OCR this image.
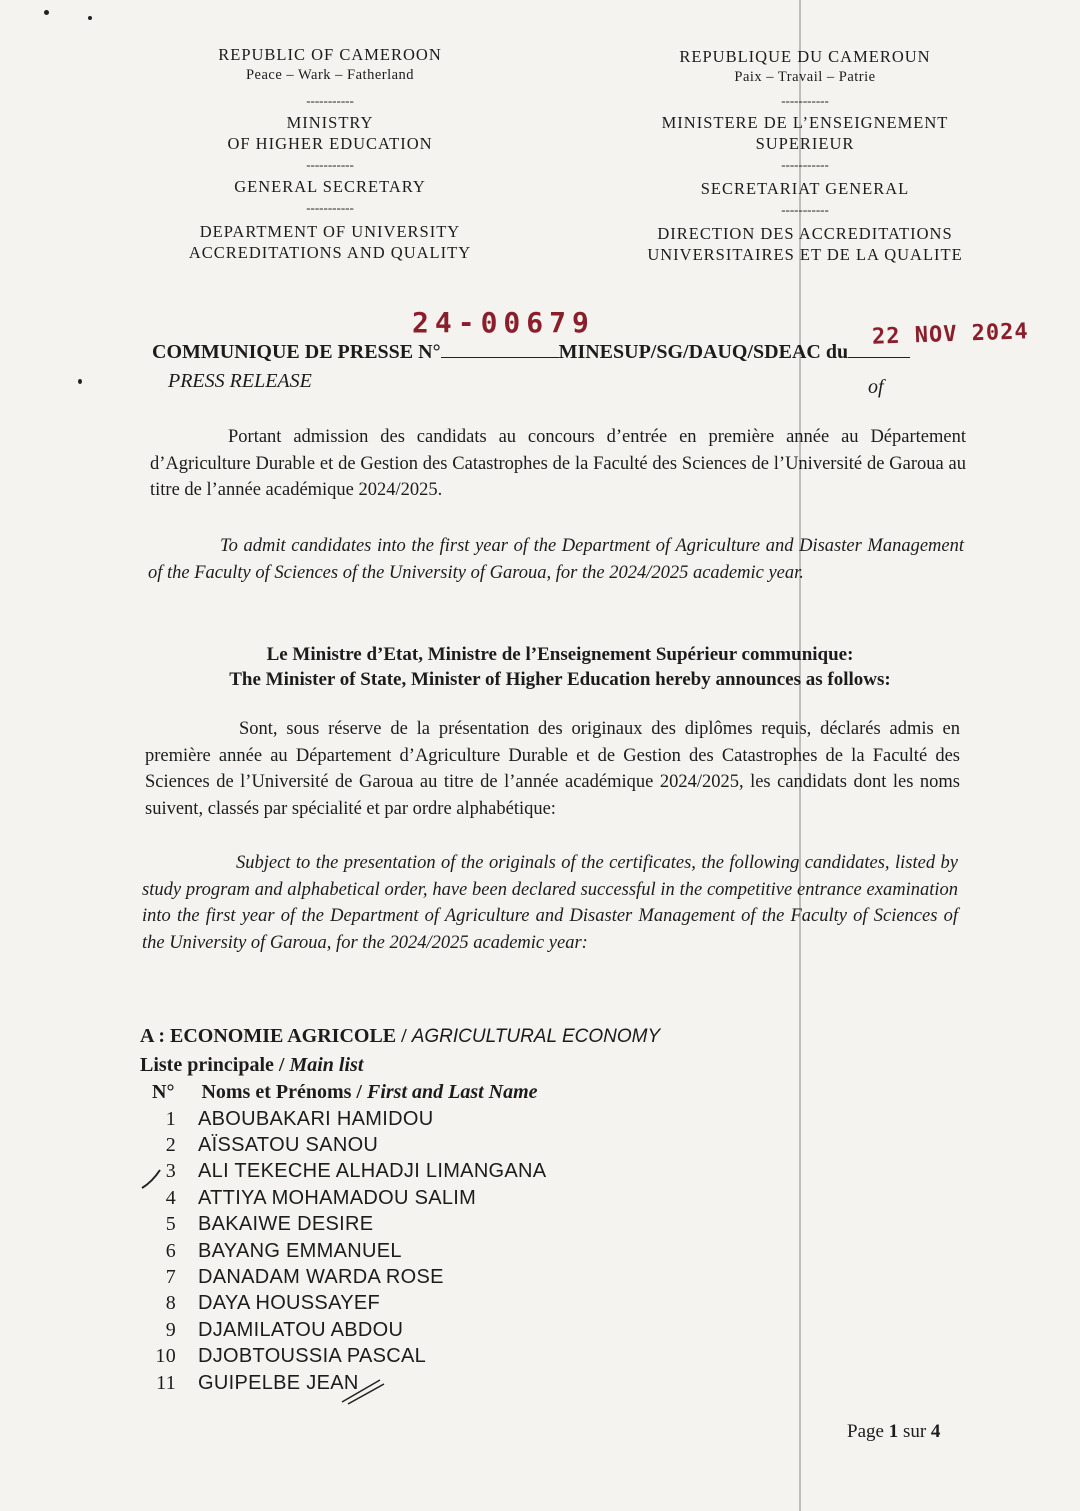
REPUBLIC OF CAMEROON
Peace – Wark – Fatherland
-----------
MINISTRY
OF HIGHER EDUCATION
-----------
GENERAL SECRETARY
-----------
DEPARTMENT OF UNIVERSITY
ACCREDITATIONS AND QUALITY
REPUBLIQUE DU CAMEROUN
Paix – Travail – Patrie
-----------
MINISTERE DE L’ENSEIGNEMENT
SUPERIEUR
-----------
SECRETARIAT GENERAL
-----------
DIRECTION DES ACCREDITATIONS
UNIVERSITAIRES ET DE LA QUALITE
24-00679	22 NOV 2024
COMMUNIQUE DE PRESSE N°	MINESUP/SG/DAUQ/SDEAC du
PRESS RELEASE	of
Portant admission des candidats au concours d’entrée en première année au Département d’Agriculture Durable et de Gestion des Catastrophes de la Faculté des Sciences de l’Université de Garoua au titre de l’année académique 2024/2025.
To admit candidates into the first year of the Department of Agriculture and Disaster Management of the Faculty of Sciences of the University of Garoua, for the 2024/2025 academic year.
Le Ministre d’Etat, Ministre de l’Enseignement Supérieur communique:
The Minister of State, Minister of Higher Education hereby announces as follows:
Sont, sous réserve de la présentation des originaux des diplômes requis, déclarés admis en première année au Département d’Agriculture Durable et de Gestion des Catastrophes de la Faculté des Sciences de l’Université de Garoua au titre de l’année académique 2024/2025, les candidats dont les noms suivent, classés par spécialité et par ordre alphabétique:
Subject to the presentation of the originals of the certificates, the following candidates, listed by study program and alphabetical order, have been declared successful in the competitive entrance examination into the first year of the Department of Agriculture and Disaster Management of the Faculty of Sciences of the University of Garoua, for the 2024/2025 academic year:
A : ECONOMIE AGRICOLE / AGRICULTURAL ECONOMY
Liste principale / Main list
N° Noms et Prénoms / First and Last Name
1	ABOUBAKARI HAMIDOU
2	AÏSSATOU SANOU
3	ALI TEKECHE ALHADJI LIMANGANA
4	ATTIYA MOHAMADOU SALIM
5	BAKAIWE DESIRE
6	BAYANG EMMANUEL
7	DANADAM WARDA ROSE
8	DAYA HOUSSAYEF
9	DJAMILATOU ABDOU
10	DJOBTOUSSIA PASCAL
11	GUIPELBE JEAN
Page 1 sur 4
